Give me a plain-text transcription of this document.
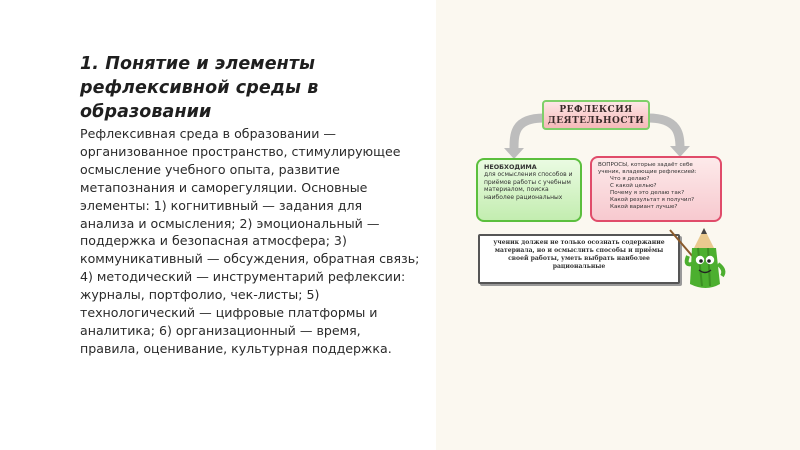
1. Понятие и элементы рефлексивной среды в образовании

Рефлексивная среда в образовании — организованное пространство, стимулирующее осмысление учебного опыта, развитие метапознания и саморегуляции. Основные элементы: 1) когнитивный — задания для анализа и осмысления; 2) эмоциональный — поддержка и безопасная атмосфера; 3) коммуникативный — обсуждения, обратная связь; 4) методический — инструментарий рефлексии: журналы, портфолио, чек-листы; 5) технологический — цифровые платформы и аналитика; 6) организационный — время, правила, оценивание, культурная поддержка.

РЕФЛЕКСИЯ
ДЕЯТЕЛЬНОСТИ
НЕОБХОДИМА
для осмысления способов и приёмов работы с учебным материалом, поиска наиболее рациональных
ВОПРОСЫ, которые задаёт себе ученик, владеющие рефлексией:
Что я делаю?
С какой целью?
Почему я это делаю так?
Какой результат я получил?
Какой вариант лучше?
ученик должен не только осознать содержание материала, но и осмыслить способы и приёмы своей работы, уметь выбрать наиболее рациональные
